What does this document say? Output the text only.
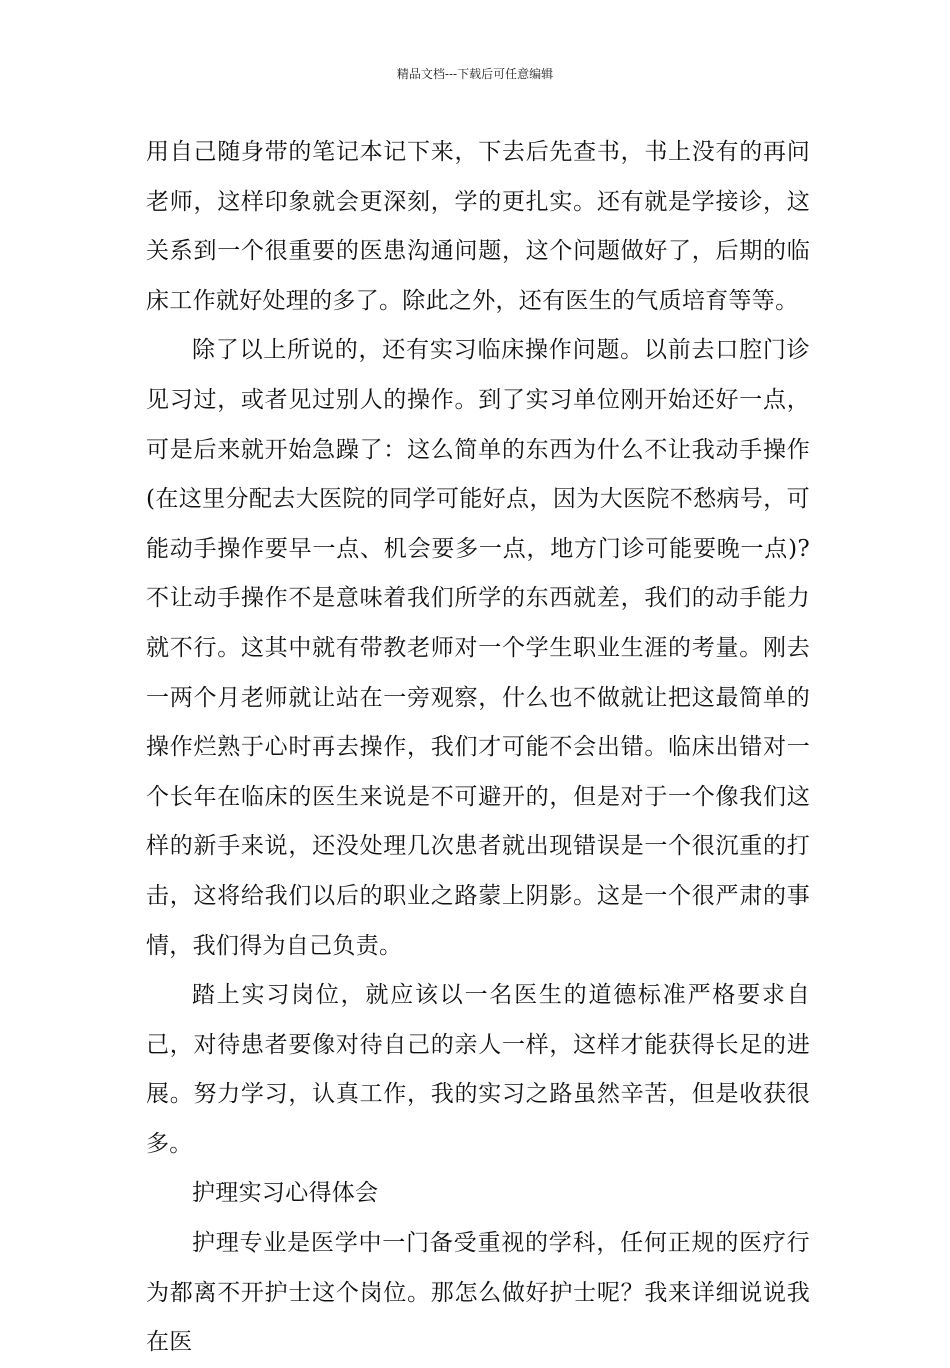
精品文档---下载后可任意编辑

用自己随身带的笔记本记下来，下去后先查书，书上没有的再问老师，这样印象就会更深刻，学的更扎实。还有就是学接诊，这关系到一个很重要的医患沟通问题，这个问题做好了，后期的临床工作就好处理的多了。除此之外，还有医生的气质培育等等。

除了以上所说的，还有实习临床操作问题。以前去口腔门诊见习过，或者见过别人的操作。到了实习单位刚开始还好一点，可是后来就开始急躁了：这么简单的东西为什么不让我动手操作(在这里分配去大医院的同学可能好点，因为大医院不愁病号，可能动手操作要早一点、机会要多一点，地方门诊可能要晚一点)?不让动手操作不是意味着我们所学的东西就差，我们的动手能力就不行。这其中就有带教老师对一个学生职业生涯的考量。刚去一两个月老师就让站在一旁观察，什么也不做就让把这最简单的操作烂熟于心时再去操作，我们才可能不会出错。临床出错对一个长年在临床的医生来说是不可避开的，但是对于一个像我们这样的新手来说，还没处理几次患者就出现错误是一个很沉重的打击，这将给我们以后的职业之路蒙上阴影。这是一个很严肃的事情，我们得为自己负责。

踏上实习岗位，就应该以一名医生的道德标准严格要求自己，对待患者要像对待自己的亲人一样，这样才能获得长足的进展。努力学习，认真工作，我的实习之路虽然辛苦，但是收获很多。

护理实习心得体会

护理专业是医学中一门备受重视的学科，任何正规的医疗行为都离不开护士这个岗位。那怎么做好护士呢？我来详细说说我在医
